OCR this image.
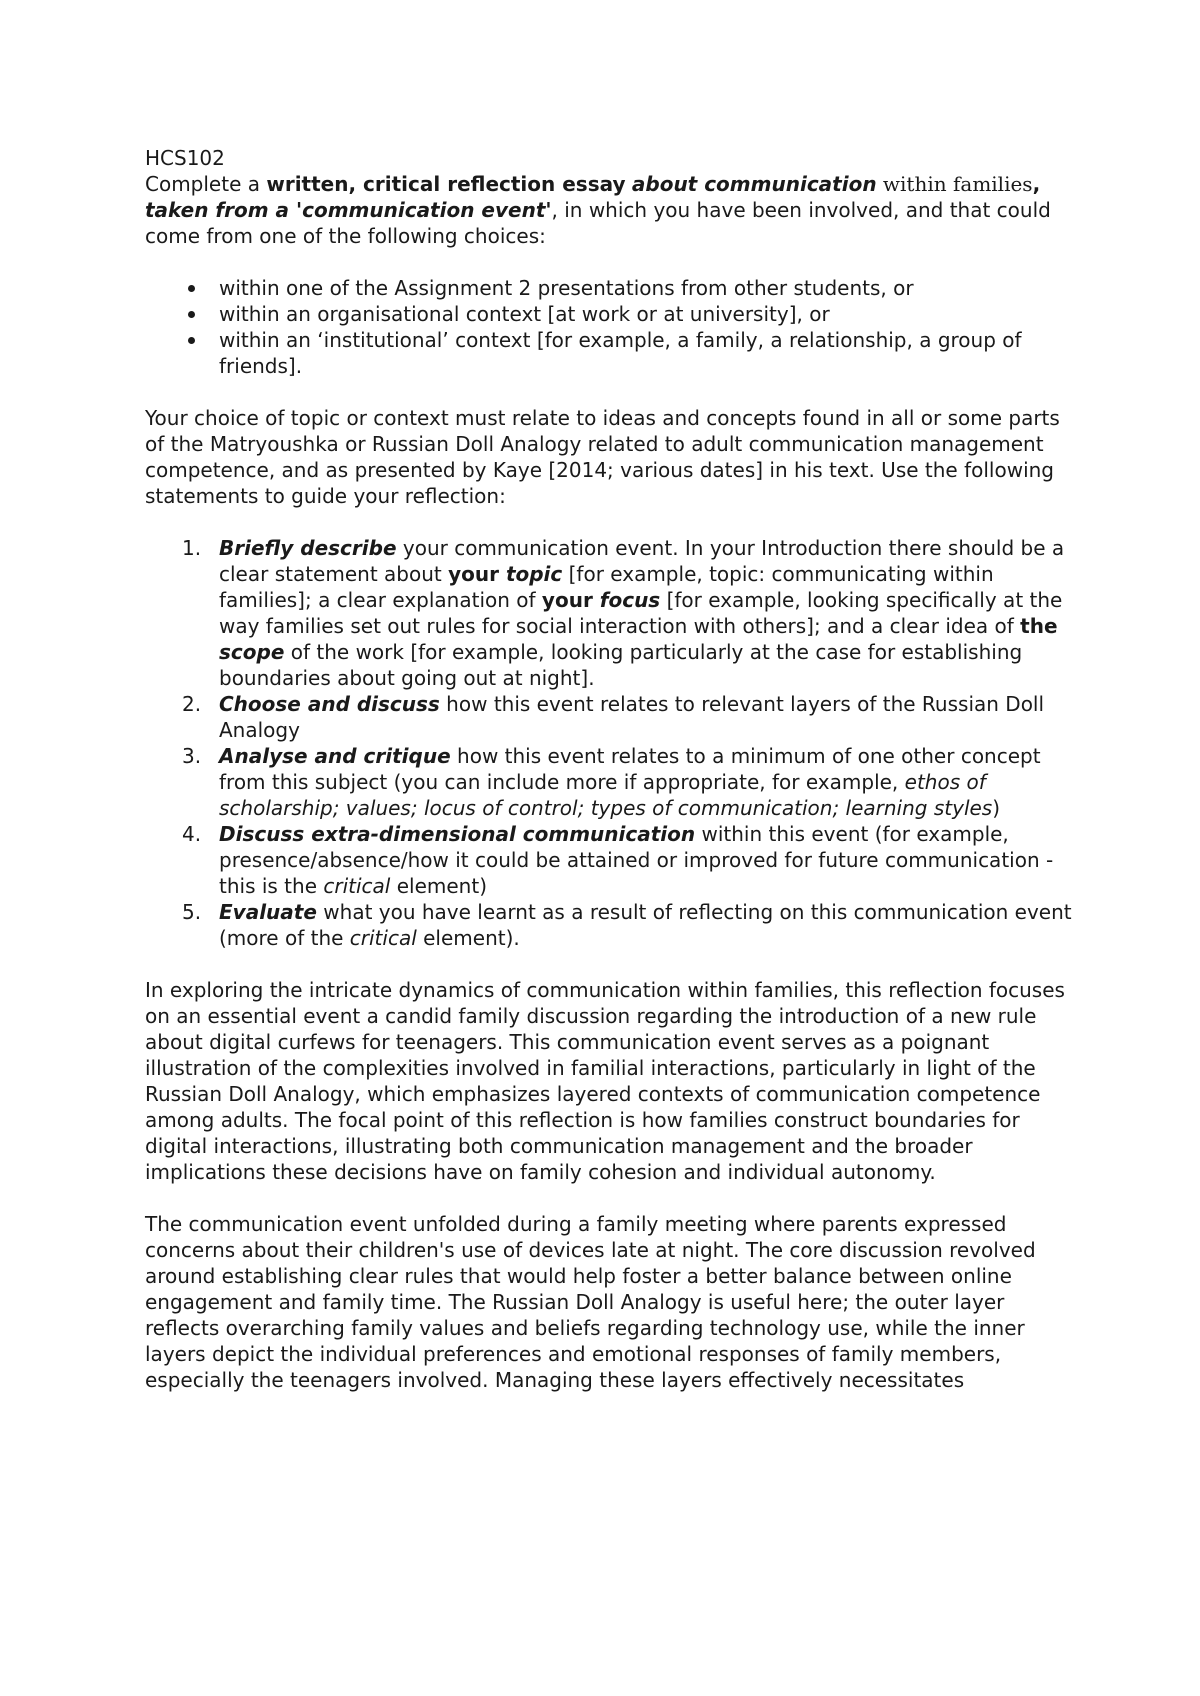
HCS102

Complete a written, critical reflection essay about communication within families, taken from a 'communication event', in which you have been involved, and that could come from one of the following choices:

within one of the Assignment 2 presentations from other students, or
within an organisational context [at work or at university], or
within an ‘institutional’ context [for example, a family, a relationship, a group of friends].

Your choice of topic or context must relate to ideas and concepts found in all or some parts of the Matryoushka or Russian Doll Analogy related to adult communication management competence, and as presented by Kaye [2014; various dates] in his text. Use the following statements to guide your reflection:

1. Briefly describe your communication event. In your Introduction there should be a clear statement about your topic [for example, topic: communicating within families]; a clear explanation of your focus [for example, looking specifically at the way families set out rules for social interaction with others]; and a clear idea of the scope of the work [for example, looking particularly at the case for establishing boundaries about going out at night].
2. Choose and discuss how this event relates to relevant layers of the Russian Doll Analogy
3. Analyse and critique how this event relates to a minimum of one other concept from this subject (you can include more if appropriate, for example, ethos of scholarship; values; locus of control; types of communication; learning styles)
4. Discuss extra-dimensional communication within this event (for example, presence/absence/how it could be attained or improved for future communication - this is the critical element)
5. Evaluate what you have learnt as a result of reflecting on this communication event (more of the critical element).

In exploring the intricate dynamics of communication within families, this reflection focuses on an essential event a candid family discussion regarding the introduction of a new rule about digital curfews for teenagers. This communication event serves as a poignant illustration of the complexities involved in familial interactions, particularly in light of the Russian Doll Analogy, which emphasizes layered contexts of communication competence among adults. The focal point of this reflection is how families construct boundaries for digital interactions, illustrating both communication management and the broader implications these decisions have on family cohesion and individual autonomy.

The communication event unfolded during a family meeting where parents expressed concerns about their children's use of devices late at night. The core discussion revolved around establishing clear rules that would help foster a better balance between online engagement and family time. The Russian Doll Analogy is useful here; the outer layer reflects overarching family values and beliefs regarding technology use, while the inner layers depict the individual preferences and emotional responses of family members, especially the teenagers involved. Managing these layers effectively necessitates
